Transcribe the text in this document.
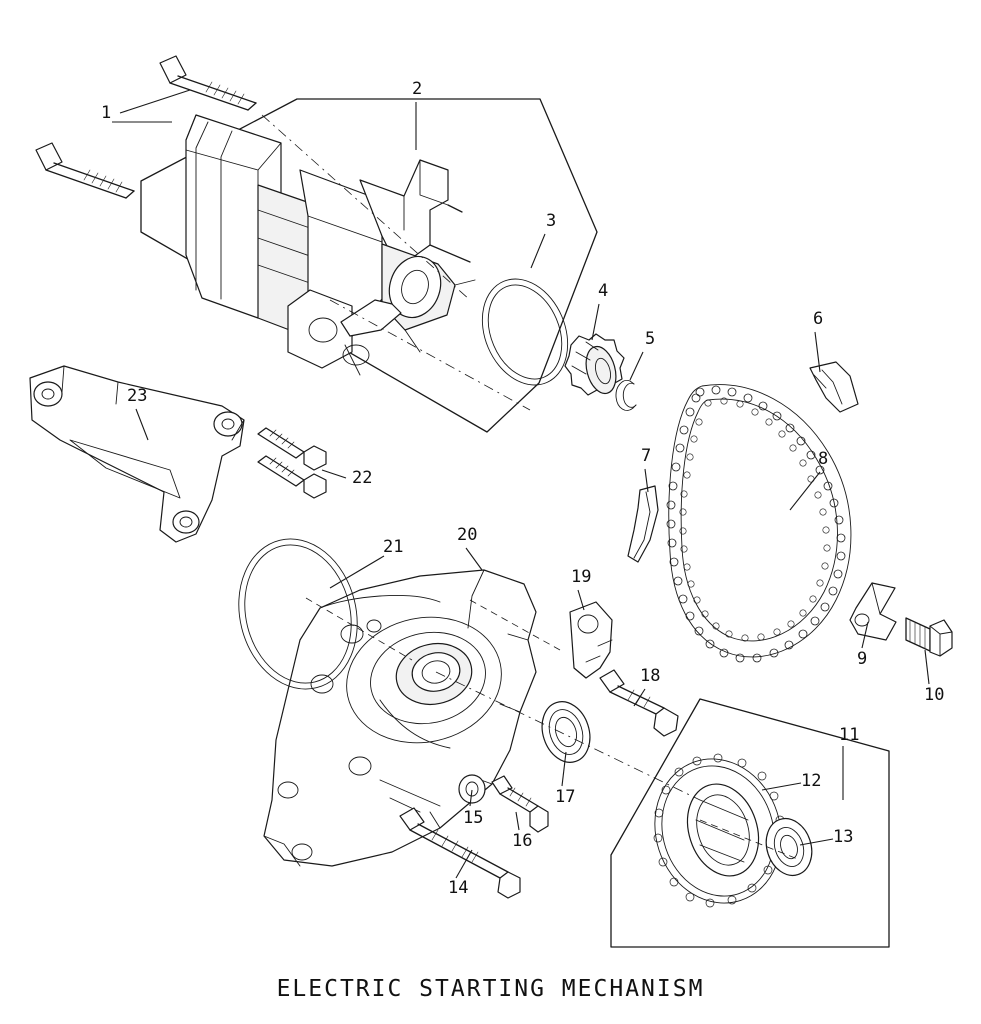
1
2
3
4
5
6
7	8
9
10
11
12
13
14
15
16
17
18
19
20
21
22
23
ELECTRIC STARTING MECHANISM
